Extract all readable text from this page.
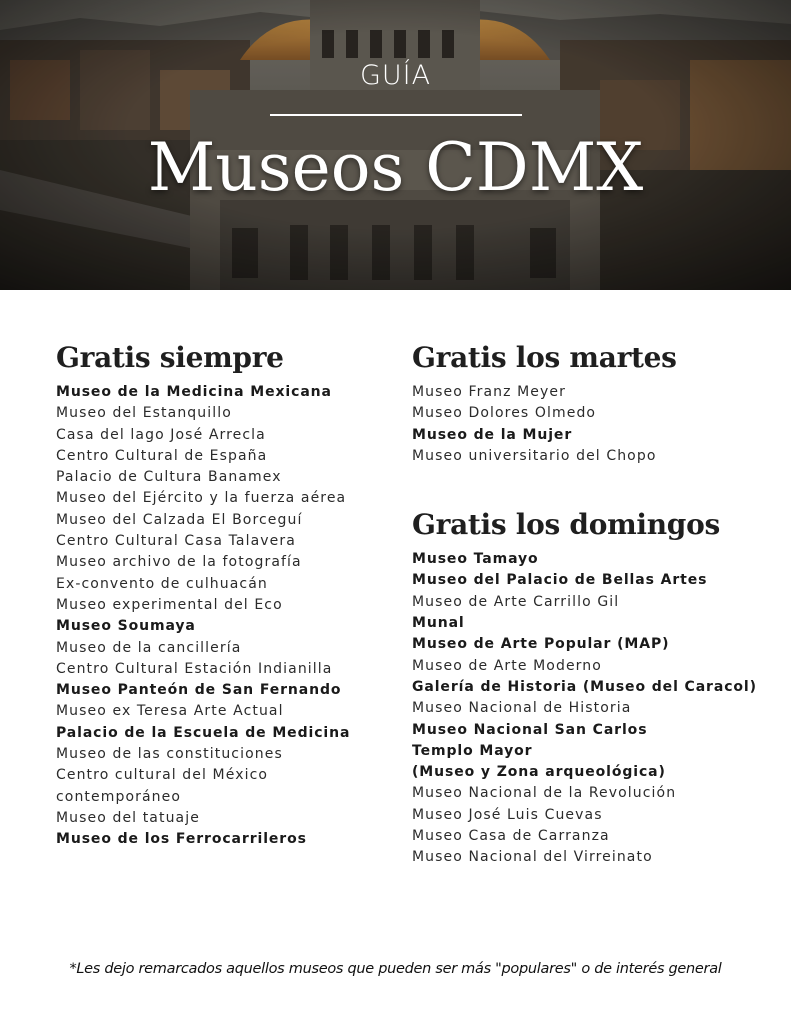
GUÍA
Museos CDMX
Gratis siempre
Museo de la Medicina Mexicana
Museo del Estanquillo
Casa del lago José Arrecla
Centro Cultural de España
Palacio de Cultura Banamex
Museo del Ejército y la fuerza aérea
Museo del Calzada El Borceguí
Centro Cultural Casa Talavera
Museo archivo de la fotografía
Ex-convento de culhuacán
Museo experimental del Eco
Museo Soumaya
Museo de la cancillería
Centro Cultural Estación Indianilla
Museo Panteón de San Fernando
Museo ex Teresa Arte Actual
Palacio de la Escuela de Medicina
Museo de las constituciones
Centro cultural del México
contemporáneo
Museo del tatuaje
Museo de los Ferrocarrileros
Gratis los martes
Museo Franz Meyer
Museo Dolores Olmedo
Museo de la Mujer
Museo universitario del Chopo
Gratis los domingos
Museo Tamayo
Museo del Palacio de Bellas Artes
Museo de Arte Carrillo Gil
Munal
Museo de Arte Popular (MAP)
Museo de Arte Moderno
Galería de Historia (Museo del Caracol)
Museo Nacional de Historia
Museo Nacional San Carlos
Templo Mayor
(Museo y Zona arqueológica)
Museo Nacional de la Revolución
Museo José Luis Cuevas
Museo Casa de Carranza
Museo Nacional del Virreinato
*Les dejo remarcados aquellos museos que pueden ser más "populares" o de interés general
